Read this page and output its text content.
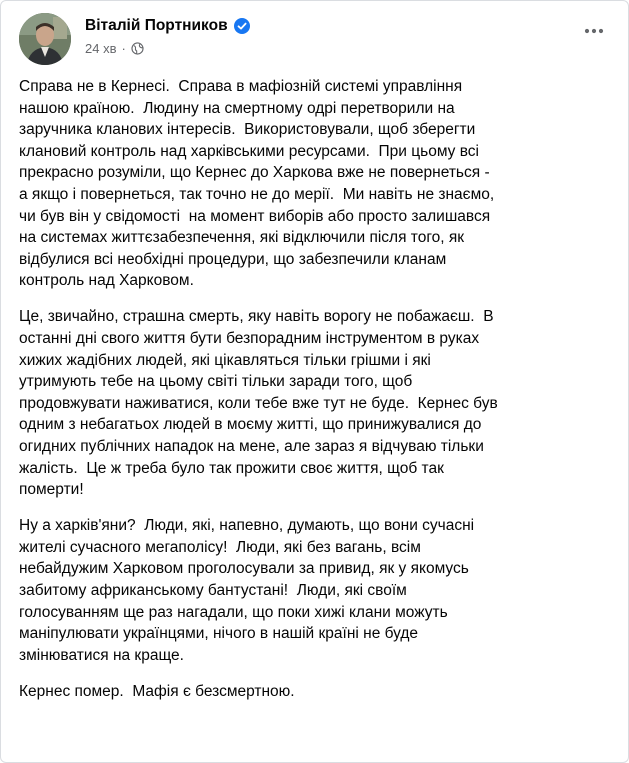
Віталій Портников
24 хв ·

Справа не в Кернесі.  Справа в мафіозній системі управління
нашою країною.  Людину на смертному одрі перетворили на
заручника кланових інтересів.  Використовували, щоб зберегти
клановий контроль над харківськими ресурсами.  При цьому всі
прекрасно розуміли, що Кернес до Харкова вже не повернеться -
а якщо і повернеться, так точно не до мерії.  Ми навіть не знаємо,
чи був він у свідомості  на момент виборів або просто залишався
на системах життєзабезпечення, які відключили після того, як
відбулися всі необхідні процедури, що забезпечили кланам
контроль над Харковом.

Це, звичайно, страшна смерть, яку навіть ворогу не побажаєш.  В
останні дні свого життя бути безпорадним інструментом в руках
хижих жадібних людей, які цікавляться тільки грішми і які
утримують тебе на цьому світі тільки заради того, щоб
продовжувати наживатися, коли тебе вже тут не буде.  Кернес був
одним з небагатьох людей в моєму житті, що принижувалися до
огидних публічних нападок на мене, але зараз я відчуваю тільки
жалість.  Це ж треба було так прожити своє життя, щоб так
померти!

Ну а харків'яни?  Люди, які, напевно, думають, що вони сучасні
жителі сучасного мегаполісу!  Люди, які без вагань, всім
небайдужим Харковом проголосували за привид, як у якомусь
забитому африканському бантустані!  Люди, які своїм
голосуванням ще раз нагадали, що поки хижі клани можуть
маніпулювати українцями, нічого в нашій країні не буде
змінюватися на краще.

Кернес помер.  Мафія є безсмертною.
